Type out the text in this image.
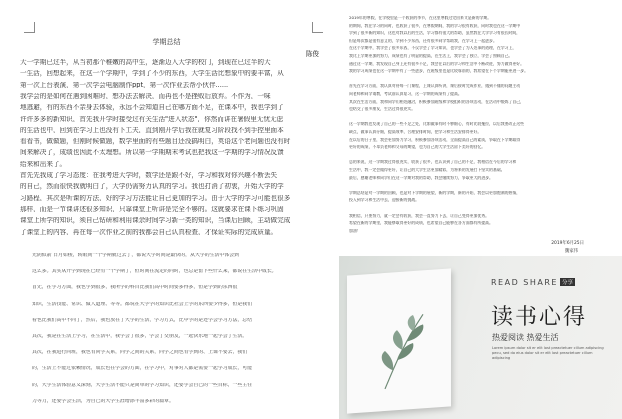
学期总结
陈俊
大一学期已过半，从当初那个稚嫩的高中生，逐渐迈入大学的校门，到现在已过半的大
一生活，回想起来，在这一个学期中，学到了不少的东西，大学生活比想象中的要丰富，从
第一次上台表演，第一次学会电脑制作ppt，第一次作业去帮小伙伴......
我学会的是如何在遇到困难时，想办法去解决，而再也不是挫败后放弃。不作为，一味
地逃避，有的东西不亲身去体验，永远不会知道自己在哪方面不足，在课本中，我也学到了
许许多多的新知识，首先我开学时接受过有关生活"进入状态"，你然而讲在暑假里无忧无虑
的生活也中，回到在学习上也没有下工夫，直到刚开学后我在就复习阶段找不到手控里面本
看看书，做做题，但刚时候做题，数学里面的有些题目还没搞明白，英语这个老问题也没有时
间来解决了，成绩也因此不太理想。所以第一学期期末考试也把我这一学期的学习情况反馈
给来和出来了。
首先先我成了学习态度：在我考进大学时，数学还是跟不好，学习和我对你兴趣不断丢失
的自己，然而很快我就明白了，大学仍需努力认真的学习。我也打消了初衷，开始大学的学
习路程，其次是听课的方法，好的学习方法能让自己更加的学习。由于大学的学习可能也很多
那样，而是一节课讲述很多知识，只靠课堂上听讲是完全不够的。这就要求在课下练习巩固
课堂上所学的知识，须自己钻研和利用课余时间学习新一类的知识，当课后回顾，主动做完成
了课堂上的内容，再在每一次作业之前的我都会自己认真检查，才保证实际的完成质量。
光阴似箭 日月如梭，转眼间一个学期就过去了，都说大学时间是最快的，从大学的生活中体会到
这么多。其实从开学到现在已经有一个学期了，但时间在流走的同时，也总是留下些什么来，都说在生活中成长。
首先，在学习方面，我也学到很多，我所学的科目比我们高中时间要多得多，但是学到的东西很
知识，生活技能、常识、做人道理、等等。都说在大学学的知识比社会上学的东西要少得多，但是我们
看也比我们高中不同了，然后，我也放在了大学的生活，学习方式，比中学的是还学会学习方法，总结
其次，我是在生活上学习，在生活中，我学会了很多，学会了交朋友，一起快乐地一起学会了生活。
其次，在我进行同班，我也有同学关系，同学之间的关系，同学之间也有学到的、上课不要去，我们
的，生活上不能过依赖情况，成长也在学会的方面，在学习中，对事对人都是需要一起学习成长，可能
的，大学生活体验意义深刻，大学生活不能只是简单的学习知识，还要学会自己的一些目标，一些主任
力等力，还要学会生活，为自己的大学生涯增添丰富多彩的篇章。
2019年的寒假，在学校里是一个收获的季节，在这里寒假过完回来又是新的学期。
的期间，我在学习的同时，也收获了很多，在寒假期间，我的学习很有收获，同时我也在这一学期中
学到了很多新的知识，这也对我以后的生活，学习都有很大的帮助，虽然我在大学学习有很长时间，
但是每次都是很有意义的，学到不少东西，还有很多同学帮助我，在学习上一起进步。
在这个学期中，我学会了很多东西，不仅学会了学习知识，也学会了为人处事的道理，在学习上，
我比上学期更加的努力，成绩也有了明显的提高，在生活上，我学会了独立，学会了照顾自己。
通过这一学期，我发现自己身上还有很多不足，我会在以后的学习和生活中不断改进，努力做得更好。
我的学习成绩也在这一学期中有了一些进步，在班级里也是比较靠前的，我希望在下个学期能更进一步。
首先在学习方面，我认真对待每一门课程，上课认真听讲，课后按时完成作业，遇到不懂的问题主动
向老师和同学请教，考试前认真复习，这一学期的成绩有了提高。
其次在生活方面，我和同学们相处融洽，积极参加班级和学校组织的各项活动，在活动中锻炼了自己，
也结交了很多朋友，生活过得很充实。
这一学期我也发现了自己的一些不足之处，比如做事有时不够细心，有时比较拖拉，以后我要改正这些
缺点，做事认真仔细，提高效率，合理安排时间，把学习和生活安排得更好。
在以后的日子里，我会更加努力学习，积极参加各项活动，全面提高自己的素质，争取在下学期取得
更好的成绩，不辜负老师和父母的期望，也为自己的大学生活留下美好的回忆。
总的来说，这一学期我过得很充实，收获了很多，也认识到了自己的不足，我相信在今后的学习和
生活中，我一定会做得更好，让自己的大学生活更加精彩，为将来的发展打下坚实的基础。
最后，感谢老师和同学们在这一学期对我的帮助，我会继续努力，争取更大的进步。
学期总结是对一学期的回顾，也是对下学期的展望，新的学期，新的开始，我会以更加饱满的热情，
投入到学习和生活中去，迎接新的挑战。
我相信，只要努力，就一定会有收获，我会一直努力下去，让自己变得更加优秀。
希望在新的学期里，我能够取得更好的成绩，也希望自己能够在各方面都有所提高。
加油！
2019年6月25日
魏家伟
READ SHARE 分享
读书心得
热爱阅读 热爱生活
Lorem ipsum dolor sit er elit lost preactetuer cillum adipiscing pecu, sed do eius dolor sit er elit lost preactetuer cillum adipiscing
